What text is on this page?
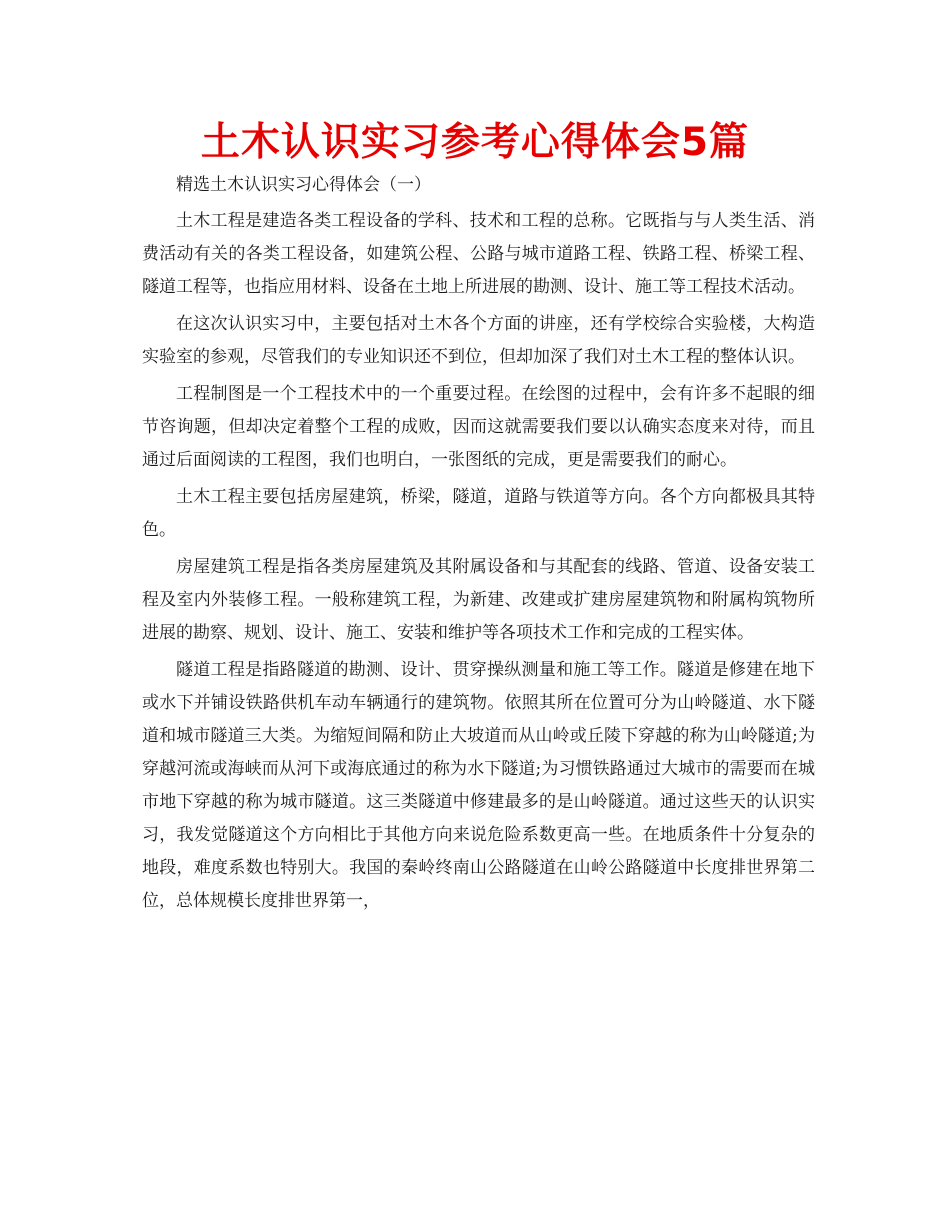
土木认识实习参考心得体会5篇

精选土木认识实习心得体会（一）

土木工程是建造各类工程设备的学科、技术和工程的总称。它既指与与人类生活、消费活动有关的各类工程设备，如建筑公程、公路与城市道路工程、铁路工程、桥梁工程、隧道工程等，也指应用材料、设备在土地上所进展的勘测、设计、施工等工程技术活动。

在这次认识实习中，主要包括对土木各个方面的讲座，还有学校综合实验楼，大构造实验室的参观，尽管我们的专业知识还不到位，但却加深了我们对土木工程的整体认识。

工程制图是一个工程技术中的一个重要过程。在绘图的过程中，会有许多不起眼的细节咨询题，但却决定着整个工程的成败，因而这就需要我们要以认确实态度来对待，而且通过后面阅读的工程图，我们也明白，一张图纸的完成，更是需要我们的耐心。

土木工程主要包括房屋建筑，桥梁，隧道，道路与铁道等方向。各个方向都极具其特色。

房屋建筑工程是指各类房屋建筑及其附属设备和与其配套的线路、管道、设备安装工程及室内外装修工程。一般称建筑工程，为新建、改建或扩建房屋建筑物和附属构筑物所进展的勘察、规划、设计、施工、安装和维护等各项技术工作和完成的工程实体。

隧道工程是指路隧道的勘测、设计、贯穿操纵测量和施工等工作。隧道是修建在地下或水下并铺设铁路供机车动车辆通行的建筑物。依照其所在位置可分为山岭隧道、水下隧道和城市隧道三大类。为缩短间隔和防止大坡道而从山岭或丘陵下穿越的称为山岭隧道;为穿越河流或海峡而从河下或海底通过的称为水下隧道;为习惯铁路通过大城市的需要而在城市地下穿越的称为城市隧道。这三类隧道中修建最多的是山岭隧道。通过这些天的认识实习，我发觉隧道这个方向相比于其他方向来说危险系数更高一些。在地质条件十分复杂的地段，难度系数也特别大。我国的秦岭终南山公路隧道在山岭公路隧道中长度排世界第二位，总体规模长度排世界第一，
